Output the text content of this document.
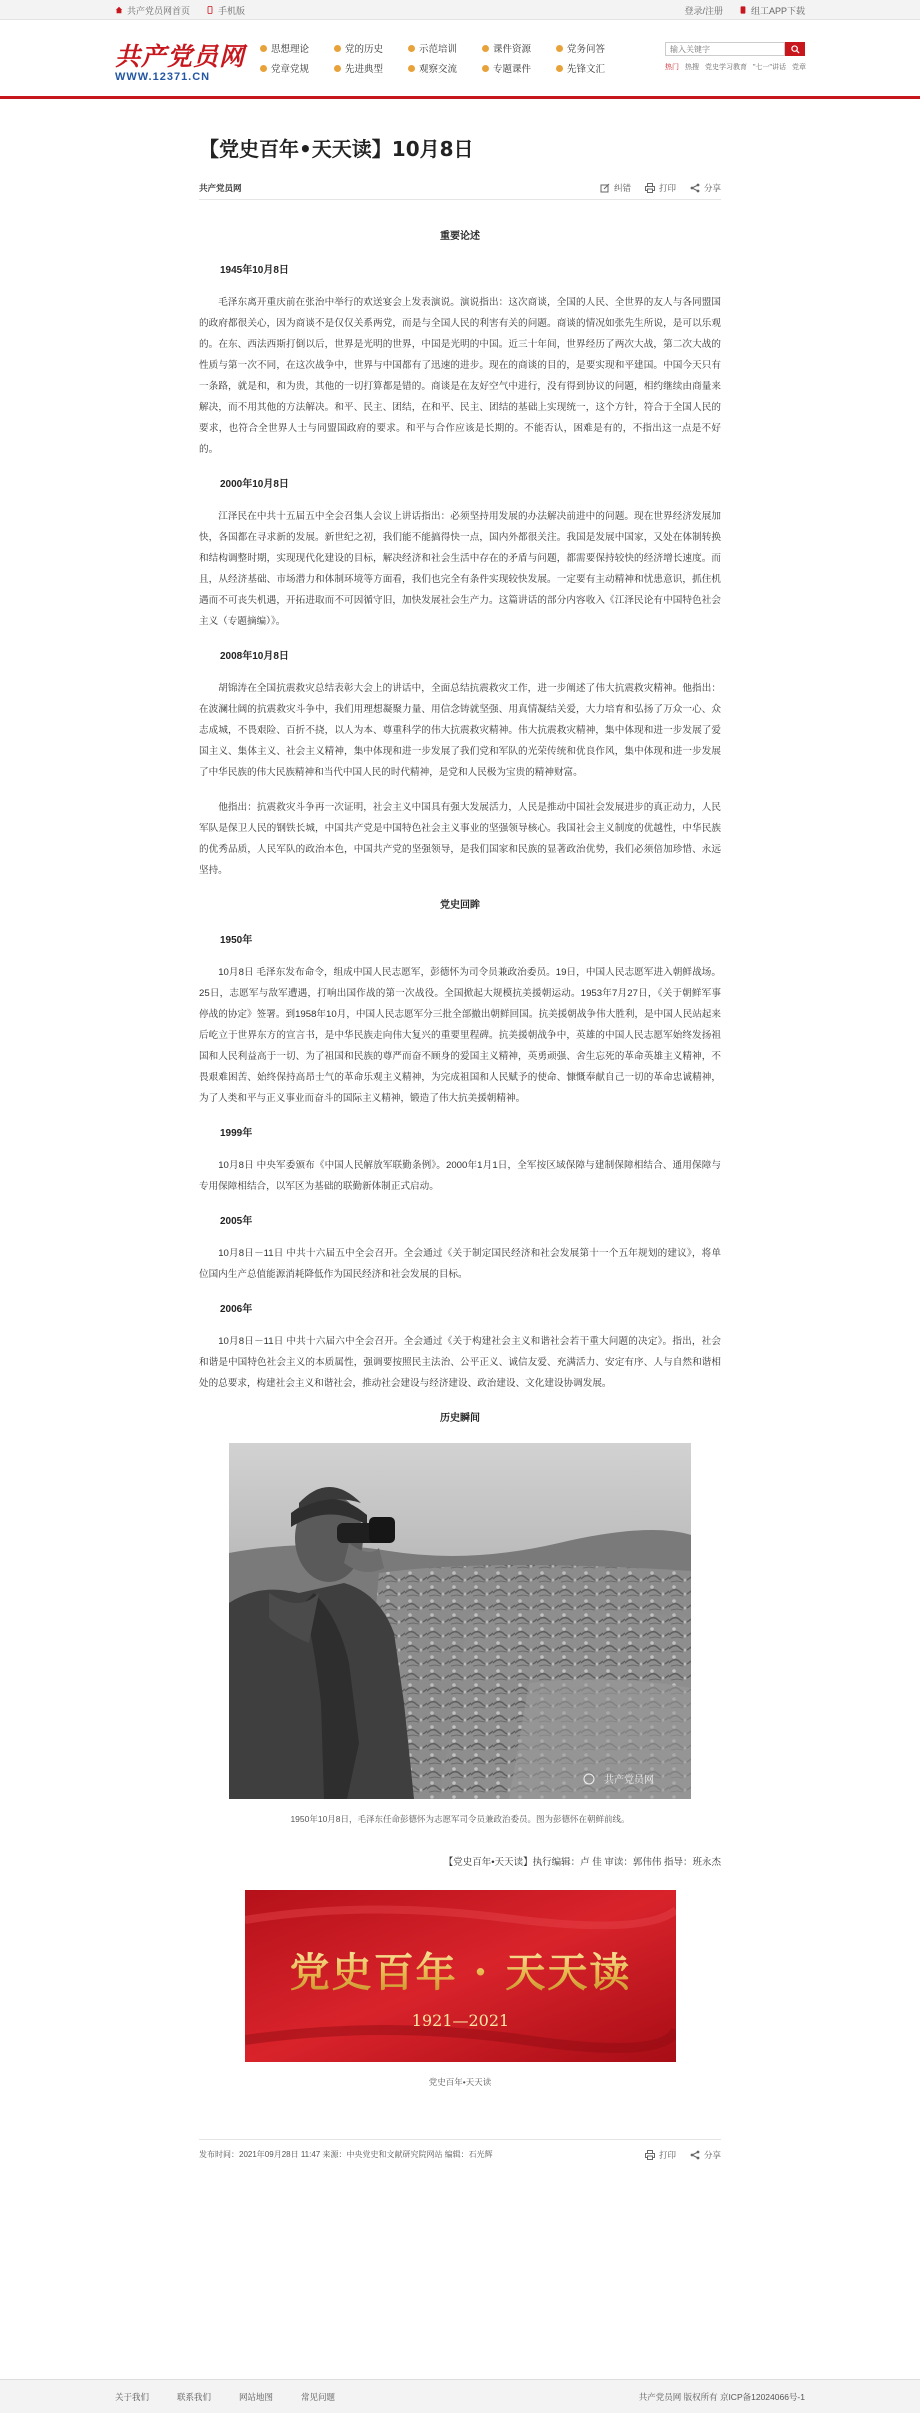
共产党员网首页	手机版	登录/注册	组工APP下载
共产党员网
WWW.12371.CN
思想理论	党的历史	示范培训	课件资源	党务问答
党章党规	先进典型	观察交流	专题课件	先锋文汇
输入关键字	热门 热搜 党史学习教育 "七一"讲话 党章
【党史百年•天天读】10月8日
共产党员网	纠错	打印	分享
重要论述
1945年10月8日

毛泽东离开重庆前在张治中举行的欢送宴会上发表演说。演说指出：这次商谈，全国的人民、全世界的友人与各同盟国的政府都很关心，因为商谈不是仅仅关系两党，而是与全国人民的利害有关的问题。商谈的情况如张先生所说，是可以乐观的。在东、西法西斯打倒以后，世界是光明的世界，中国是光明的中国。近三十年间，世界经历了两次大战，第二次大战的性质与第一次不同，在这次战争中，世界与中国都有了迅速的进步。现在的商谈的目的，是要实现和平建国。中国今天只有一条路，就是和，和为贵，其他的一切打算都是错的。商谈是在友好空气中进行，没有得到协议的问题，相约继续由商量来解决，而不用其他的方法解决。和平、民主、团结，在和平、民主、团结的基础上实现统一，这个方针，符合于全国人民的要求，也符合全世界人士与同盟国政府的要求。和平与合作应该是长期的。不能否认，困难是有的，不指出这一点是不好的。

2000年10月8日

江泽民在中共十五届五中全会召集人会议上讲话指出：必须坚持用发展的办法解决前进中的问题。现在世界经济发展加快，各国都在寻求新的发展。新世纪之初，我们能不能搞得快一点，国内外都很关注。我国是发展中国家，又处在体制转换和结构调整时期，实现现代化建设的目标，解决经济和社会生活中存在的矛盾与问题，都需要保持较快的经济增长速度。而且，从经济基础、市场潜力和体制环境等方面看，我们也完全有条件实现较快发展。一定要有主动精神和忧患意识，抓住机遇而不可丧失机遇，开拓进取而不可因循守旧，加快发展社会生产力。这篇讲话的部分内容收入《江泽民论有中国特色社会主义（专题摘编）》。

2008年10月8日

胡锦涛在全国抗震救灾总结表彰大会上的讲话中，全面总结抗震救灾工作，进一步阐述了伟大抗震救灾精神。他指出：在波澜壮阔的抗震救灾斗争中，我们用理想凝聚力量、用信念铸就坚强、用真情凝结关爱，大力培育和弘扬了万众一心、众志成城，不畏艰险、百折不挠，以人为本、尊重科学的伟大抗震救灾精神。伟大抗震救灾精神，集中体现和进一步发展了爱国主义、集体主义、社会主义精神，集中体现和进一步发展了我们党和军队的光荣传统和优良作风，集中体现和进一步发展了中华民族的伟大民族精神和当代中国人民的时代精神，是党和人民极为宝贵的精神财富。

他指出：抗震救灾斗争再一次证明，社会主义中国具有强大发展活力，人民是推动中国社会发展进步的真正动力，人民军队是保卫人民的钢铁长城，中国共产党是中国特色社会主义事业的坚强领导核心。我国社会主义制度的优越性，中华民族的优秀品质，人民军队的政治本色，中国共产党的坚强领导，是我们国家和民族的显著政治优势，我们必须倍加珍惜、永远坚持。

党史回眸
1950年

10月8日 毛泽东发布命令，组成中国人民志愿军，彭德怀为司令员兼政治委员。19日，中国人民志愿军进入朝鲜战场。25日，志愿军与敌军遭遇，打响出国作战的第一次战役。全国掀起大规模抗美援朝运动。1953年7月27日，《关于朝鲜军事停战的协定》签署。到1958年10月，中国人民志愿军分三批全部撤出朝鲜回国。抗美援朝战争伟大胜利，是中国人民站起来后屹立于世界东方的宣言书，是中华民族走向伟大复兴的重要里程碑。抗美援朝战争中，英雄的中国人民志愿军始终发扬祖国和人民利益高于一切、为了祖国和民族的尊严而奋不顾身的爱国主义精神，英勇顽强、舍生忘死的革命英雄主义精神，不畏艰难困苦、始终保持高昂士气的革命乐观主义精神，为完成祖国和人民赋予的使命、慷慨奉献自己一切的革命忠诚精神，为了人类和平与正义事业而奋斗的国际主义精神，锻造了伟大抗美援朝精神。

1999年

10月8日 中央军委颁布《中国人民解放军联勤条例》。2000年1月1日，全军按区域保障与建制保障相结合、通用保障与专用保障相结合，以军区为基础的联勤新体制正式启动。

2005年

10月8日－11日 中共十六届五中全会召开。全会通过《关于制定国民经济和社会发展第十一个五年规划的建议》，将单位国内生产总值能源消耗降低作为国民经济和社会发展的目标。

2006年

10月8日－11日 中共十六届六中全会召开。全会通过《关于构建社会主义和谐社会若干重大问题的决定》。指出，社会和谐是中国特色社会主义的本质属性，强调要按照民主法治、公平正义、诚信友爱、充满活力、安定有序、人与自然和谐相处的总要求，构建社会主义和谐社会，推动社会建设与经济建设、政治建设、文化建设协调发展。

历史瞬间
共产党员网
1950年10月8日，毛泽东任命彭德怀为志愿军司令员兼政治委员。图为彭德怀在朝鲜前线。
【党史百年•天天读】执行编辑：卢 佳 审读：郭伟伟 指导：班永杰
党史百年 · 天天读
1921—2021
党史百年•天天读
发布时间：2021年09月28日 11:47 来源：中央党史和文献研究院网站 编辑：石光辉	打印	分享
关于我们	联系我们	网站地图	常见问题	共产党员网 版权所有 京ICP备12024066号-1
